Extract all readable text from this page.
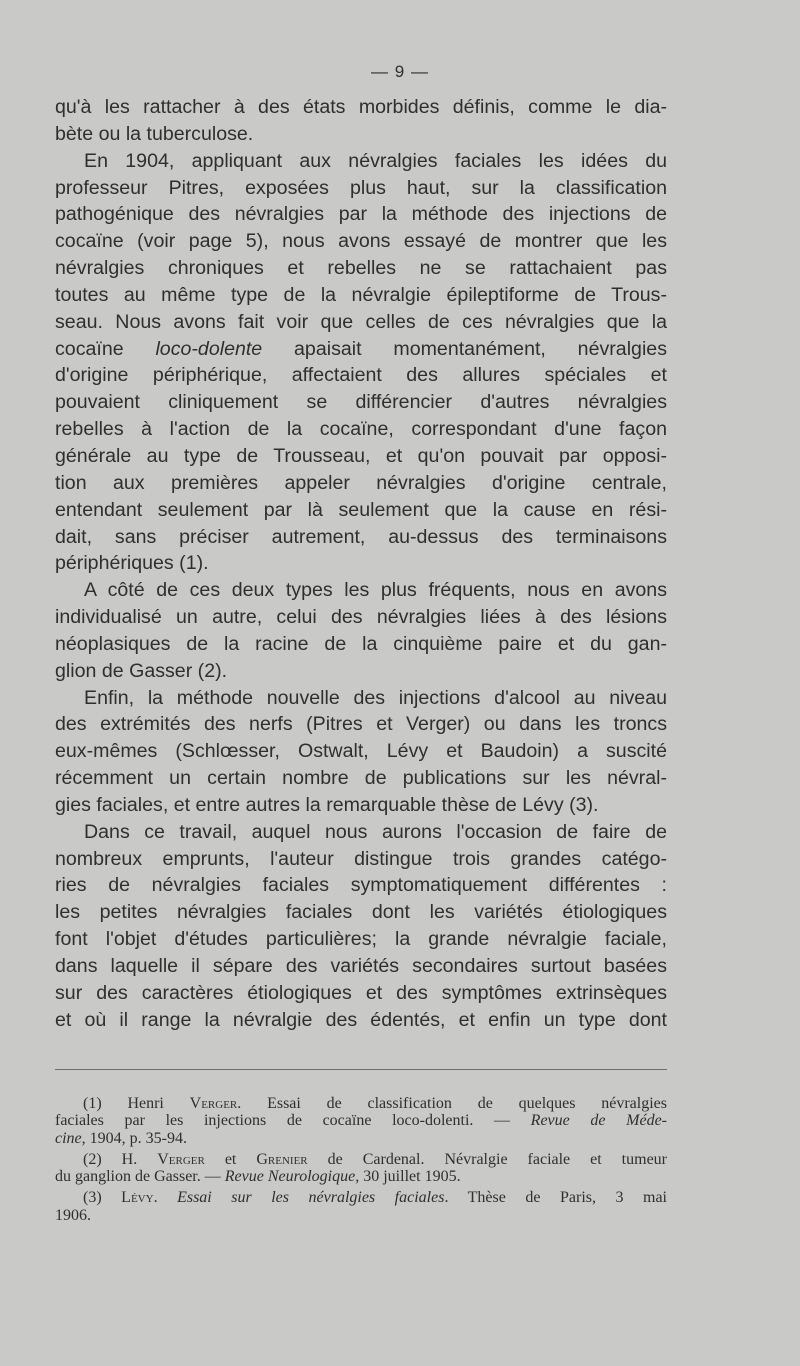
— 9 —
qu'à les rattacher à des états morbides définis, comme le dia-
bète ou la tuberculose.
En 1904, appliquant aux névralgies faciales les idées du
professeur Pitres, exposées plus haut, sur la classification
pathogénique des névralgies par la méthode des injections de
cocaïne (voir page 5), nous avons essayé de montrer que les
névralgies chroniques et rebelles ne se rattachaient pas
toutes au même type de la névralgie épileptiforme de Trous-
seau. Nous avons fait voir que celles de ces névralgies que la
cocaïne loco-dolente apaisait momentanément, névralgies
d'origine périphérique, affectaient des allures spéciales et
pouvaient cliniquement se différencier d'autres névralgies
rebelles à l'action de la cocaïne, correspondant d'une façon
générale au type de Trousseau, et qu'on pouvait par opposi-
tion aux premières appeler névralgies d'origine centrale,
entendant seulement par là seulement que la cause en rési-
dait, sans préciser autrement, au-dessus des terminaisons
périphériques (1).
A côté de ces deux types les plus fréquents, nous en avons
individualisé un autre, celui des névralgies liées à des lésions
néoplasiques de la racine de la cinquième paire et du gan-
glion de Gasser (2).
Enfin, la méthode nouvelle des injections d'alcool au niveau
des extrémités des nerfs (Pitres et Verger) ou dans les troncs
eux-mêmes (Schlœsser, Ostwalt, Lévy et Baudoin) a suscité
récemment un certain nombre de publications sur les névral-
gies faciales, et entre autres la remarquable thèse de Lévy (3).
Dans ce travail, auquel nous aurons l'occasion de faire de
nombreux emprunts, l'auteur distingue trois grandes catégo-
ries de névralgies faciales symptomatiquement différentes :
les petites névralgies faciales dont les variétés étiologiques
font l'objet d'études particulières; la grande névralgie faciale,
dans laquelle il sépare des variétés secondaires surtout basées
sur des caractères étiologiques et des symptômes extrinsèques
et où il range la névralgie des édentés, et enfin un type dont
(1) Henri Verger. Essai de classification de quelques névralgies
faciales par les injections de cocaïne loco-dolenti. — Revue de Méde-
cine, 1904, p. 35-94.
(2) H. Verger et Grenier de Cardenal. Névralgie faciale et tumeur
du ganglion de Gasser. — Revue Neurologique, 30 juillet 1905.
(3) Lévy. Essai sur les névralgies faciales. Thèse de Paris, 3 mai
1906.
